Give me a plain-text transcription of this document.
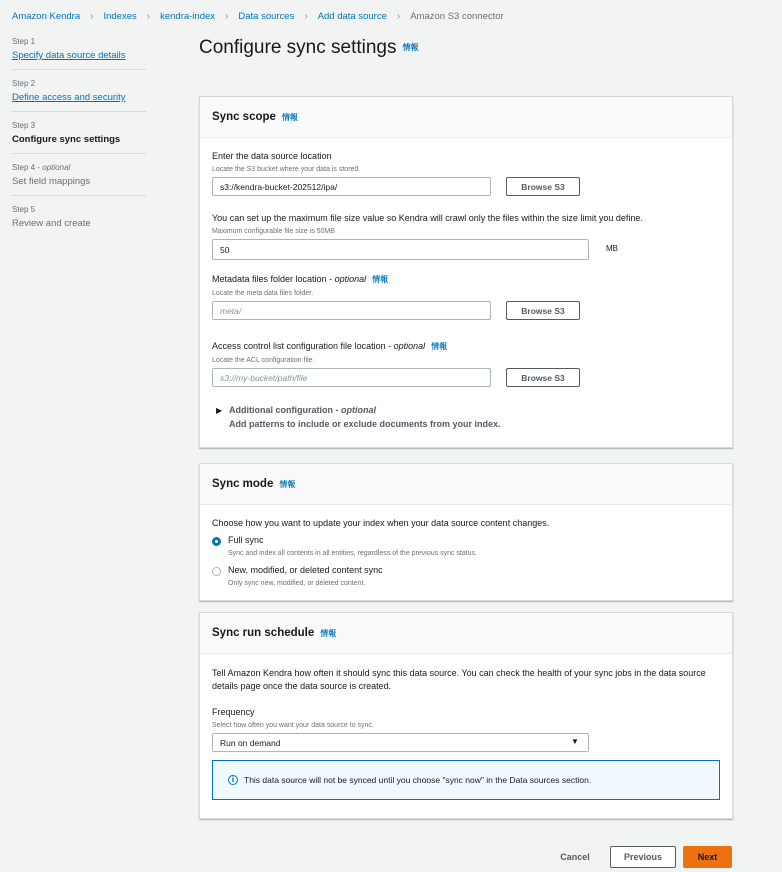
Amazon Kendra › Indexes › kendra-index › Data sources › Add data source › Amazon S3 connector
Step 1
Specify data source details
Step 2
Define access and security
Step 3
Configure sync settings
Step 4 - optional
Set field mappings
Step 5
Review and create
Configure sync settings 情報
Sync scope 情報
Enter the data source location
Locate the S3 bucket where your data is stored.
s3://kendra-bucket-202512/ipa/	Browse S3
You can set up the maximum file size value so Kendra will crawl only the files within the size limit you define.
Maximum configurable file size is 50MB
50	MB
Metadata files folder location - optional 情報
Locate the meta data files folder.
meta/	Browse S3
Access control list configuration file location - optional 情報
Locate the ACL configuration file.
s3://my-bucket/path/file	Browse S3
▶ Additional configuration - optional
Add patterns to include or exclude documents from your index.
Sync mode 情報
Choose how you want to update your index when your data source content changes.
Full sync
Sync and index all contents in all entities, regardless of the previous sync status.
New, modified, or deleted content sync
Only sync new, modified, or deleted content.
Sync run schedule 情報
Tell Amazon Kendra how often it should sync this data source. You can check the health of your sync jobs in the data source details page once the data source is created.
Frequency
Select how often you want your data source to sync.
Run on demand	▼
i	This data source will not be synced until you choose "sync now" in the Data sources section.
Cancel	Previous	Next
